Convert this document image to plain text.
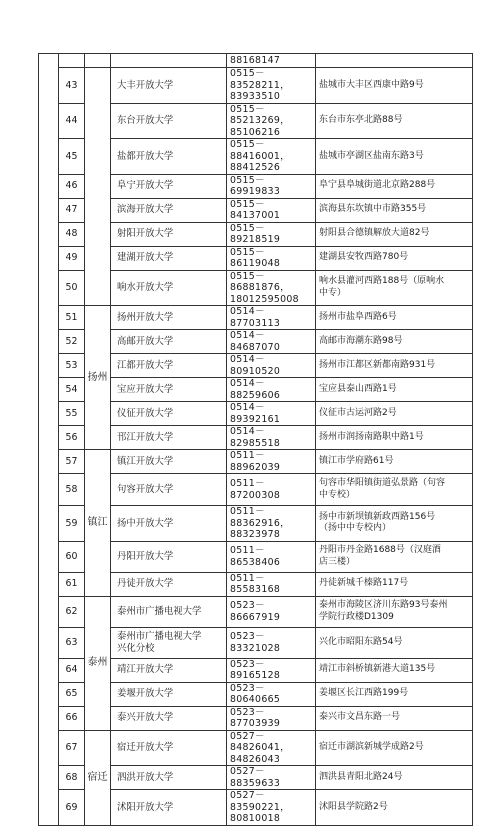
				88168147	
	43		大丰开放大学	0515－83528211，
83933510	盐城市大丰区西康中路9号
	44		东台开放大学	0515－85213269，
85106216	东台市东亭北路88号
	45		盐都开放大学	0515－88416001，
88412526	盐城市亭湖区盐南东路3号
	46		阜宁开放大学	0515－69919833	阜宁县阜城街道北京路288号
	47		滨海开放大学	0515－84137001	滨海县东坎镇中市路355号
	48		射阳开放大学	0515－89218519	射阳县合德镇解放大道82号
	49		建湖开放大学	0515－86119048	建湖县安牧西路780号
	50		响水开放大学	0515－86881876，
18012595008	响水县灌河西路188号（原响水
中专）
	51	扬州	扬州开放大学	0514－87703113	扬州市盐阜西路6号
	52		高邮开放大学	0514－84687070	高邮市海潮东路98号
	53		江都开放大学	0514－80910520	扬州市江都区新都南路931号
	54		宝应开放大学	0514－88259606	宝应县泰山西路1号
	55		仪征开放大学	0514－89392161	仪征市古运河路2号
	56		邗江开放大学	0514－82985518	扬州市润扬南路职中路1号
	57	镇江	镇江开放大学	0511－88962039	镇江市学府路61号
	58		句容开放大学	0511－87200308	句容市华阳镇街道弘景路（句容
中专校）
	59		扬中开放大学	0511－88362916，
88323978	扬中市新坝镇新政西路156号
（扬中中专校内）
	60		丹阳开放大学	0511－86538406	丹阳市丹金路1688号（汉庭酒
店三楼）
	61		丹徒开放大学	0511－85583168	丹徒新城千榛路117号
	62	泰州	泰州市广播电视大学	0523－86667919	泰州市海陵区济川东路93号泰州
学院行政楼D1309
	63		泰州市广播电视大学
兴化分校	0523－83321028	兴化市昭阳东路54号
	64		靖江开放大学	0523－89165128	靖江市斜桥镇新港大道135号
	65		姜堰开放大学	0523－80640665	姜堰区长江西路199号
	66		泰兴开放大学	0523－87703939	泰兴市文昌东路一号
	67	宿迁	宿迁开放大学	0527－84826041，
84826043	宿迁市湖滨新城学成路2号
	68		泗洪开放大学	0527－88359633	泗洪县青阳北路24号
	69		沭阳开放大学	0527－83590221，
80810018	沭阳县学院路2号
